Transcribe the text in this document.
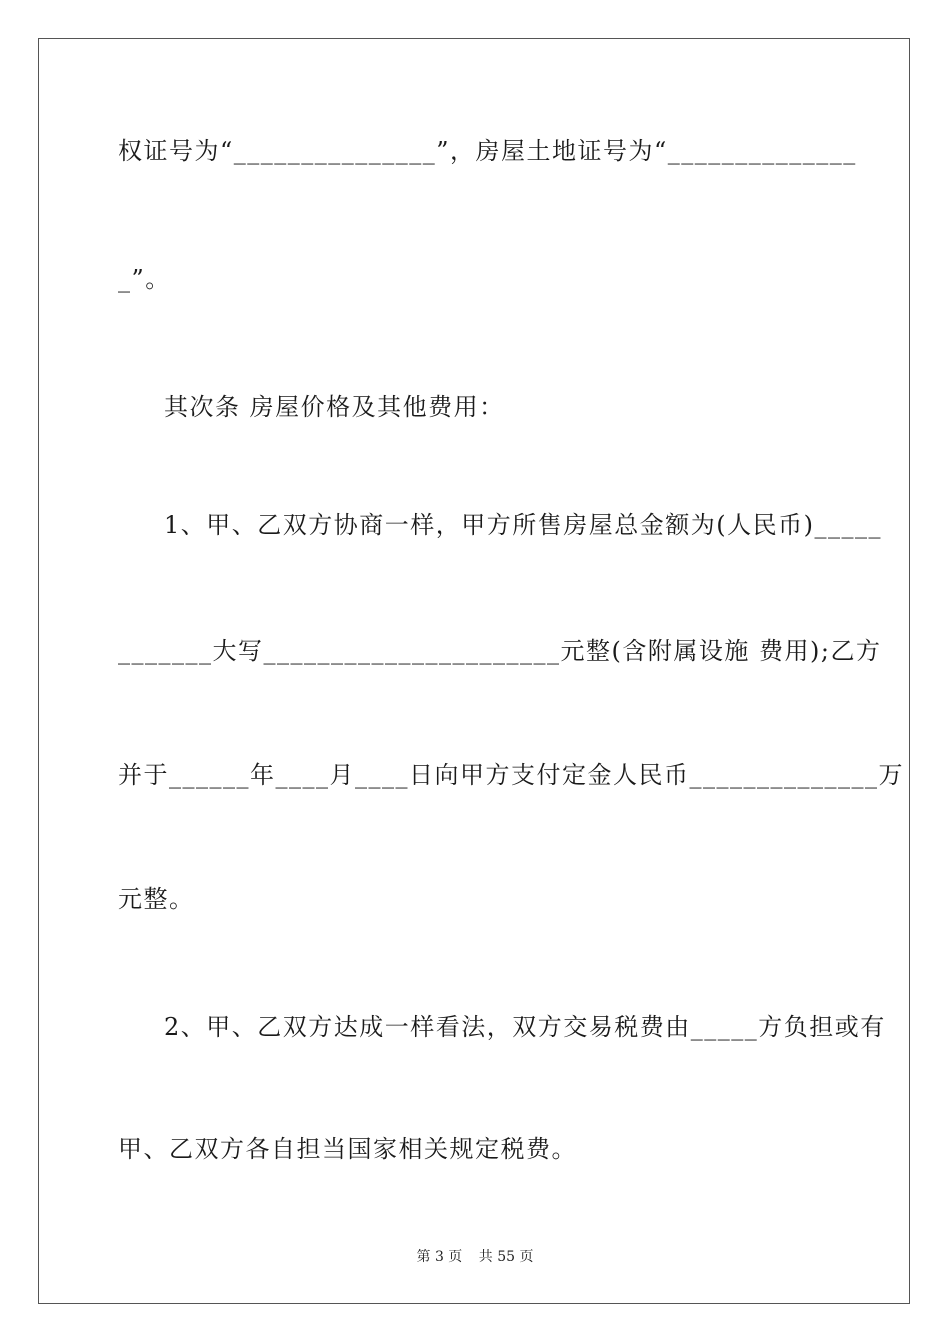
权证号为“_______________”，房屋土地证号为“______________
_”。
其次条 房屋价格及其他费用：
1、甲、乙双方协商一样，甲方所售房屋总金额为(人民币)_____
_______大写______________________元整(含附属设施 费用);乙方
并于______年____月____日向甲方支付定金人民币______________万
元整。
2、甲、乙双方达成一样看法，双方交易税费由_____方负担或有
甲、乙双方各自担当国家相关规定税费。
第 3 页 共 55 页
